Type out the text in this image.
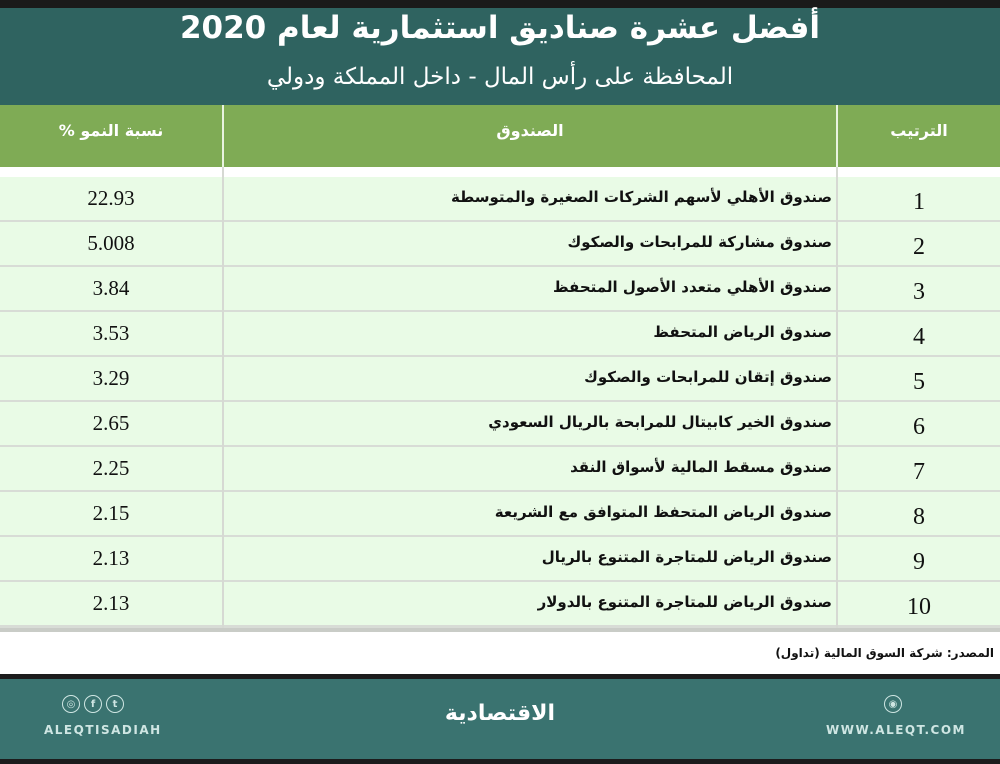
أفضل عشرة صناديق استثمارية لعام 2020
المحافظة على رأس المال - داخل المملكة ودولي
نسبة النمو %	الصندوق	الترتيب
22.93	صندوق الأهلي لأسهم الشركات الصغيرة والمتوسطة	1
5.008	صندوق مشاركة للمرابحات والصكوك	2
3.84	صندوق الأهلي متعدد الأصول المتحفظ	3
3.53	صندوق الرياض المتحفظ	4
3.29	صندوق إتقان للمرابحات والصكوك	5
2.65	صندوق الخير كابيتال للمرابحة بالريال السعودي	6
2.25	صندوق مسقط المالية لأسواق النقد	7
2.15	صندوق الرياض المتحفظ المتوافق مع الشريعة	8
2.13	صندوق الرياض للمتاجرة المتنوع بالريال	9
2.13	صندوق الرياض للمتاجرة المتنوع بالدولار	10
المصدر: شركة السوق المالية (تداول)
◎	f	t
ALEQTISADIAH
الاقتصادية	◉
WWW.ALEQT.COM
